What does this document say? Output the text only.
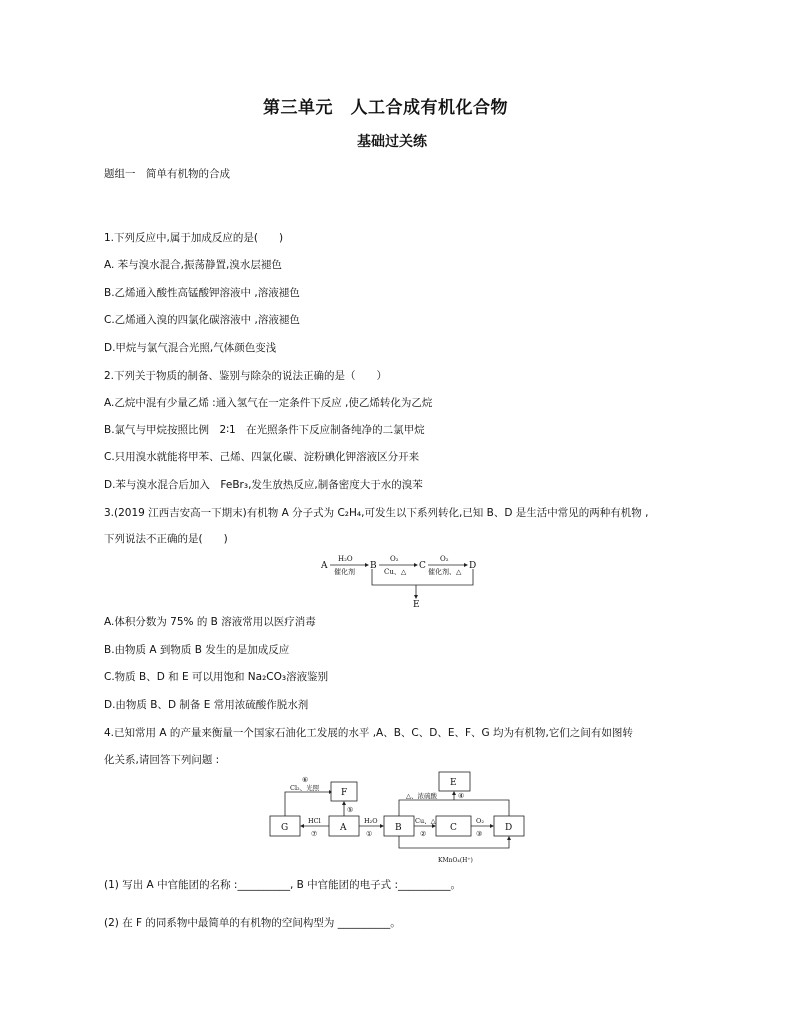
第三单元　人工合成有机化合物
基础过关练
题组一　简单有机物的合成
1.下列反应中,属于加成反应的是(　　)
A. 苯与溴水混合,振荡静置,溴水层褪色
B.乙烯通入酸性高锰酸钾溶液中 ,溶液褪色
C.乙烯通入溴的四氯化碳溶液中 ,溶液褪色
D.甲烷与氯气混合光照,气体颜色变浅
2.下列关于物质的制备、鉴别与除杂的说法正确的是（　　）
A.乙烷中混有少量乙烯 :通入氢气在一定条件下反应 ,使乙烯转化为乙烷
B.氯气与甲烷按照比例　2∶1　在光照条件下反应制备纯净的二氯甲烷
C.只用溴水就能将甲苯、己烯、四氯化碳、淀粉碘化钾溶液区分开来
D.苯与溴水混合后加入　FeBr₃,发生放热反应,制备密度大于水的溴苯
3.(2019 江西吉安高一下期末)有机物 A 分子式为 C₂H₄,可发生以下系列转化,已知 B、D 是生活中常见的两种有机物 ,
下列说法不正确的是(　　)
A
H₂O
催化剂
B
O₂
Cu、△
C
O₂
催化剂、△
D
E
A.体积分数为 75% 的 B 溶液常用以医疗消毒
B.由物质 A 到物质 B 发生的是加成反应
C.物质 B、D 和 E 可以用饱和 Na₂CO₃溶液鉴别
D.由物质 B、D 制备 E 常用浓硫酸作脱水剂
4.已知常用 A 的产量来衡量一个国家石油化工发展的水平 ,A、B、C、D、E、F、G 均为有机物,它们之间有如图转
化关系,请回答下列问题 :
G	A
F
B	C	D
E
⑥
Cl₂、光照
⑤
HCl
⑦
H₂O
①
Cu、△
②
O₂
③
△、浓硫酸	④
KMnO₄(H⁺)
(1) 写出 A 中官能团的名称 :__________, B 中官能团的电子式 :__________。
(2) 在 F 的同系物中最简单的有机物的空间构型为 __________。
